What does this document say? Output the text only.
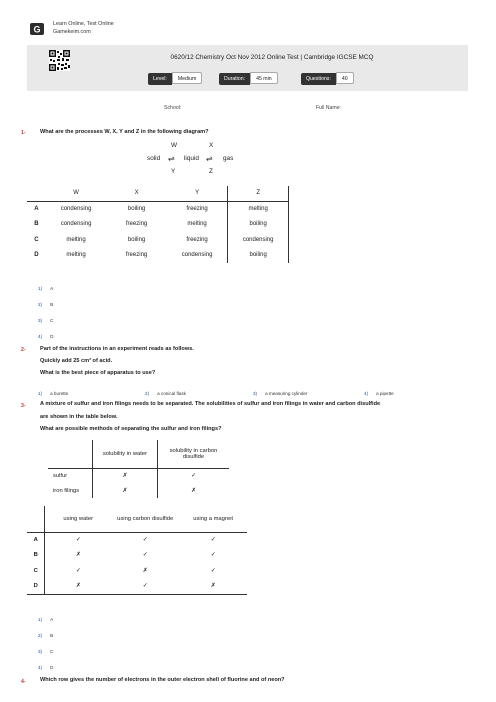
G
Learn Online, Test Online
Gamekeim.com
0620/12 Chemistry Oct Nov 2012 Online Test | Cambridge IGCSE MCQ
Level: Medium	Duration: 45 min	Questions: 40
School:	Full Name:
1-	What are the processes W, X, Y and Z in the following diagram?
W	X
solid ⇌ liquid ⇌ gas
Y	Z
	W	X	Y	Z
A	condensing	boiling	freezing	melting
B	condensing	freezing	melting	boiling
C	melting	boiling	freezing	condensing
D	melting	freezing	condensing	boiling
1) A
2) B
3) C
4) D
2-	Part of the instructions in an experiment reads as follows.
Quickly add 25 cm³ of acid.
What is the best piece of apparatus to use?
1) a burette	2) a conical flask	3) a measuring cylinder	4) a pipette
3-	A mixture of sulfur and iron filings needs to be separated. The solubilities of sulfur and iron filings in water and carbon disulfide
are shown in the table below.
What are possible methods of separating the sulfur and iron filings?
	solubility in water	solubility in carbon disulfide
sulfur	✗	✓
iron filings	✗	✗
	using water	using carbon disulfide	using a magnet
A	✓	✓	✓
B	✗	✓	✓
C	✓	✗	✓
D	✗	✓	✗
1) A
2) B
3) C
4) D
4-	Which row gives the number of electrons in the outer electron shell of fluorine and of neon?
